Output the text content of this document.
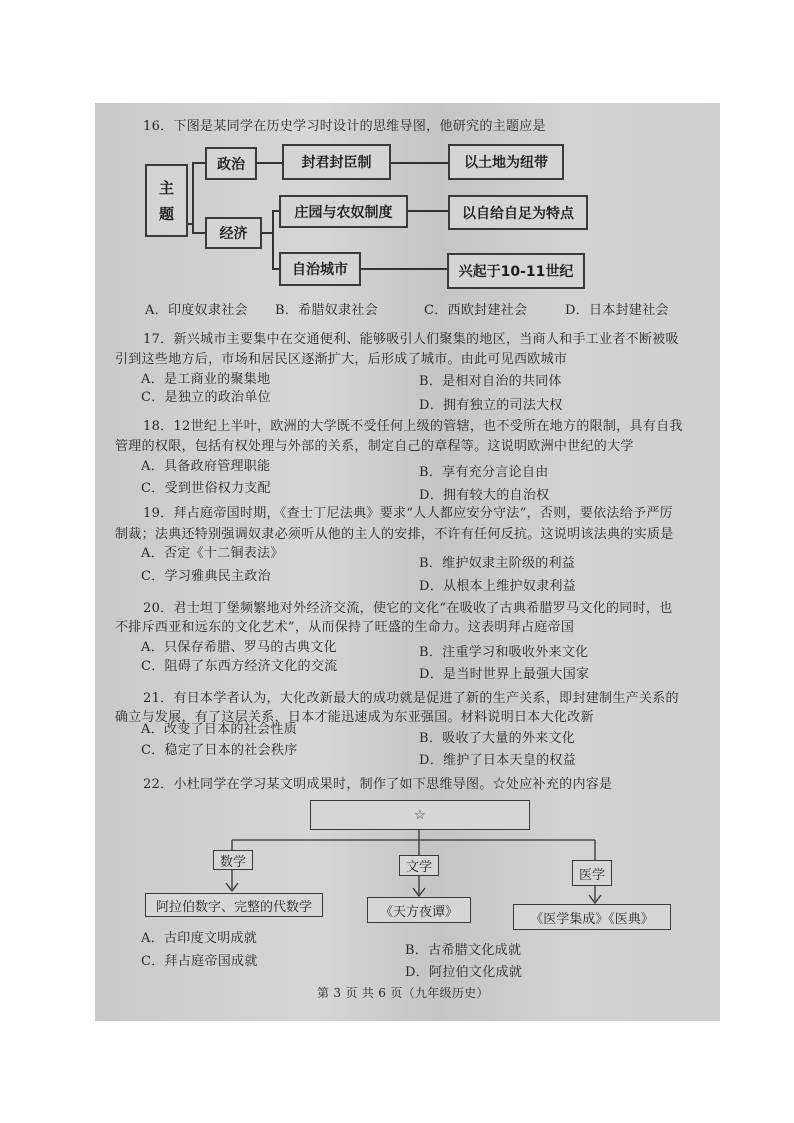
16．下图是某同学在历史学习时设计的思维导图，他研究的主题应是
主
题
政治
经济
封君封臣制	以土地为纽带
庄园与农奴制度	以自给自足为特点
自治城市	兴起于10-11世纪
A．印度奴隶社会 B．希腊奴隶社会	C．西欧封建社会	D．日本封建社会
17．新兴城市主要集中在交通便利、能够吸引人们聚集的地区，当商人和手工业者不断被吸
引到这些地方后，市场和居民区逐渐扩大，后形成了城市。由此可见西欧城市
A．是工商业的聚集地	B．是相对自治的共同体
C．是独立的政治单位
D．拥有独立的司法大权
18．12世纪上半叶，欧洲的大学既不受任何上级的管辖，也不受所在地方的限制，具有自我
管理的权限，包括有权处理与外部的关系，制定自己的章程等。这说明欧洲中世纪的大学
A．具备政府管理职能	B．享有充分言论自由
C．受到世俗权力支配	D．拥有较大的自治权
19．拜占庭帝国时期，《查士丁尼法典》要求“人人都应安分守法”，否则，要依法给予严厉
制裁；法典还特别强调奴隶必须听从他的主人的安排，不许有任何反抗。这说明该法典的实质是
A．否定《十二铜表法》
B．维护奴隶主阶级的利益
C．学习雅典民主政治
D．从根本上维护奴隶利益
20．君士坦丁堡频繁地对外经济交流，使它的文化“在吸收了古典希腊罗马文化的同时，也
不排斥西亚和远东的文化艺术”，从而保持了旺盛的生命力。这表明拜占庭帝国
A．只保存希腊、罗马的古典文化	B．注重学习和吸收外来文化
C．阻碍了东西方经济文化的交流
D．是当时世界上最强大国家
21．有日本学者认为，大化改新最大的成功就是促进了新的生产关系，即封建制生产关系的
确立与发展，有了这层关系，日本才能迅速成为东亚强国。材料说明日本大化改新
A．改变了日本的社会性质
B．吸收了大量的外来文化
C．稳定了日本的社会秩序
D．维护了日本天皇的权益
22．小杜同学在学习某文明成果时，制作了如下思维导图。☆处应补充的内容是
☆
数学	文学	医学
阿拉伯数字、完整的代数学	《天方夜谭》	《医学集成》《医典》
A．古印度文明成就
B．古希腊文化成就
C．拜占庭帝国成就
D．阿拉伯文化成就
第 3 页 共 6 页（九年级历史）
